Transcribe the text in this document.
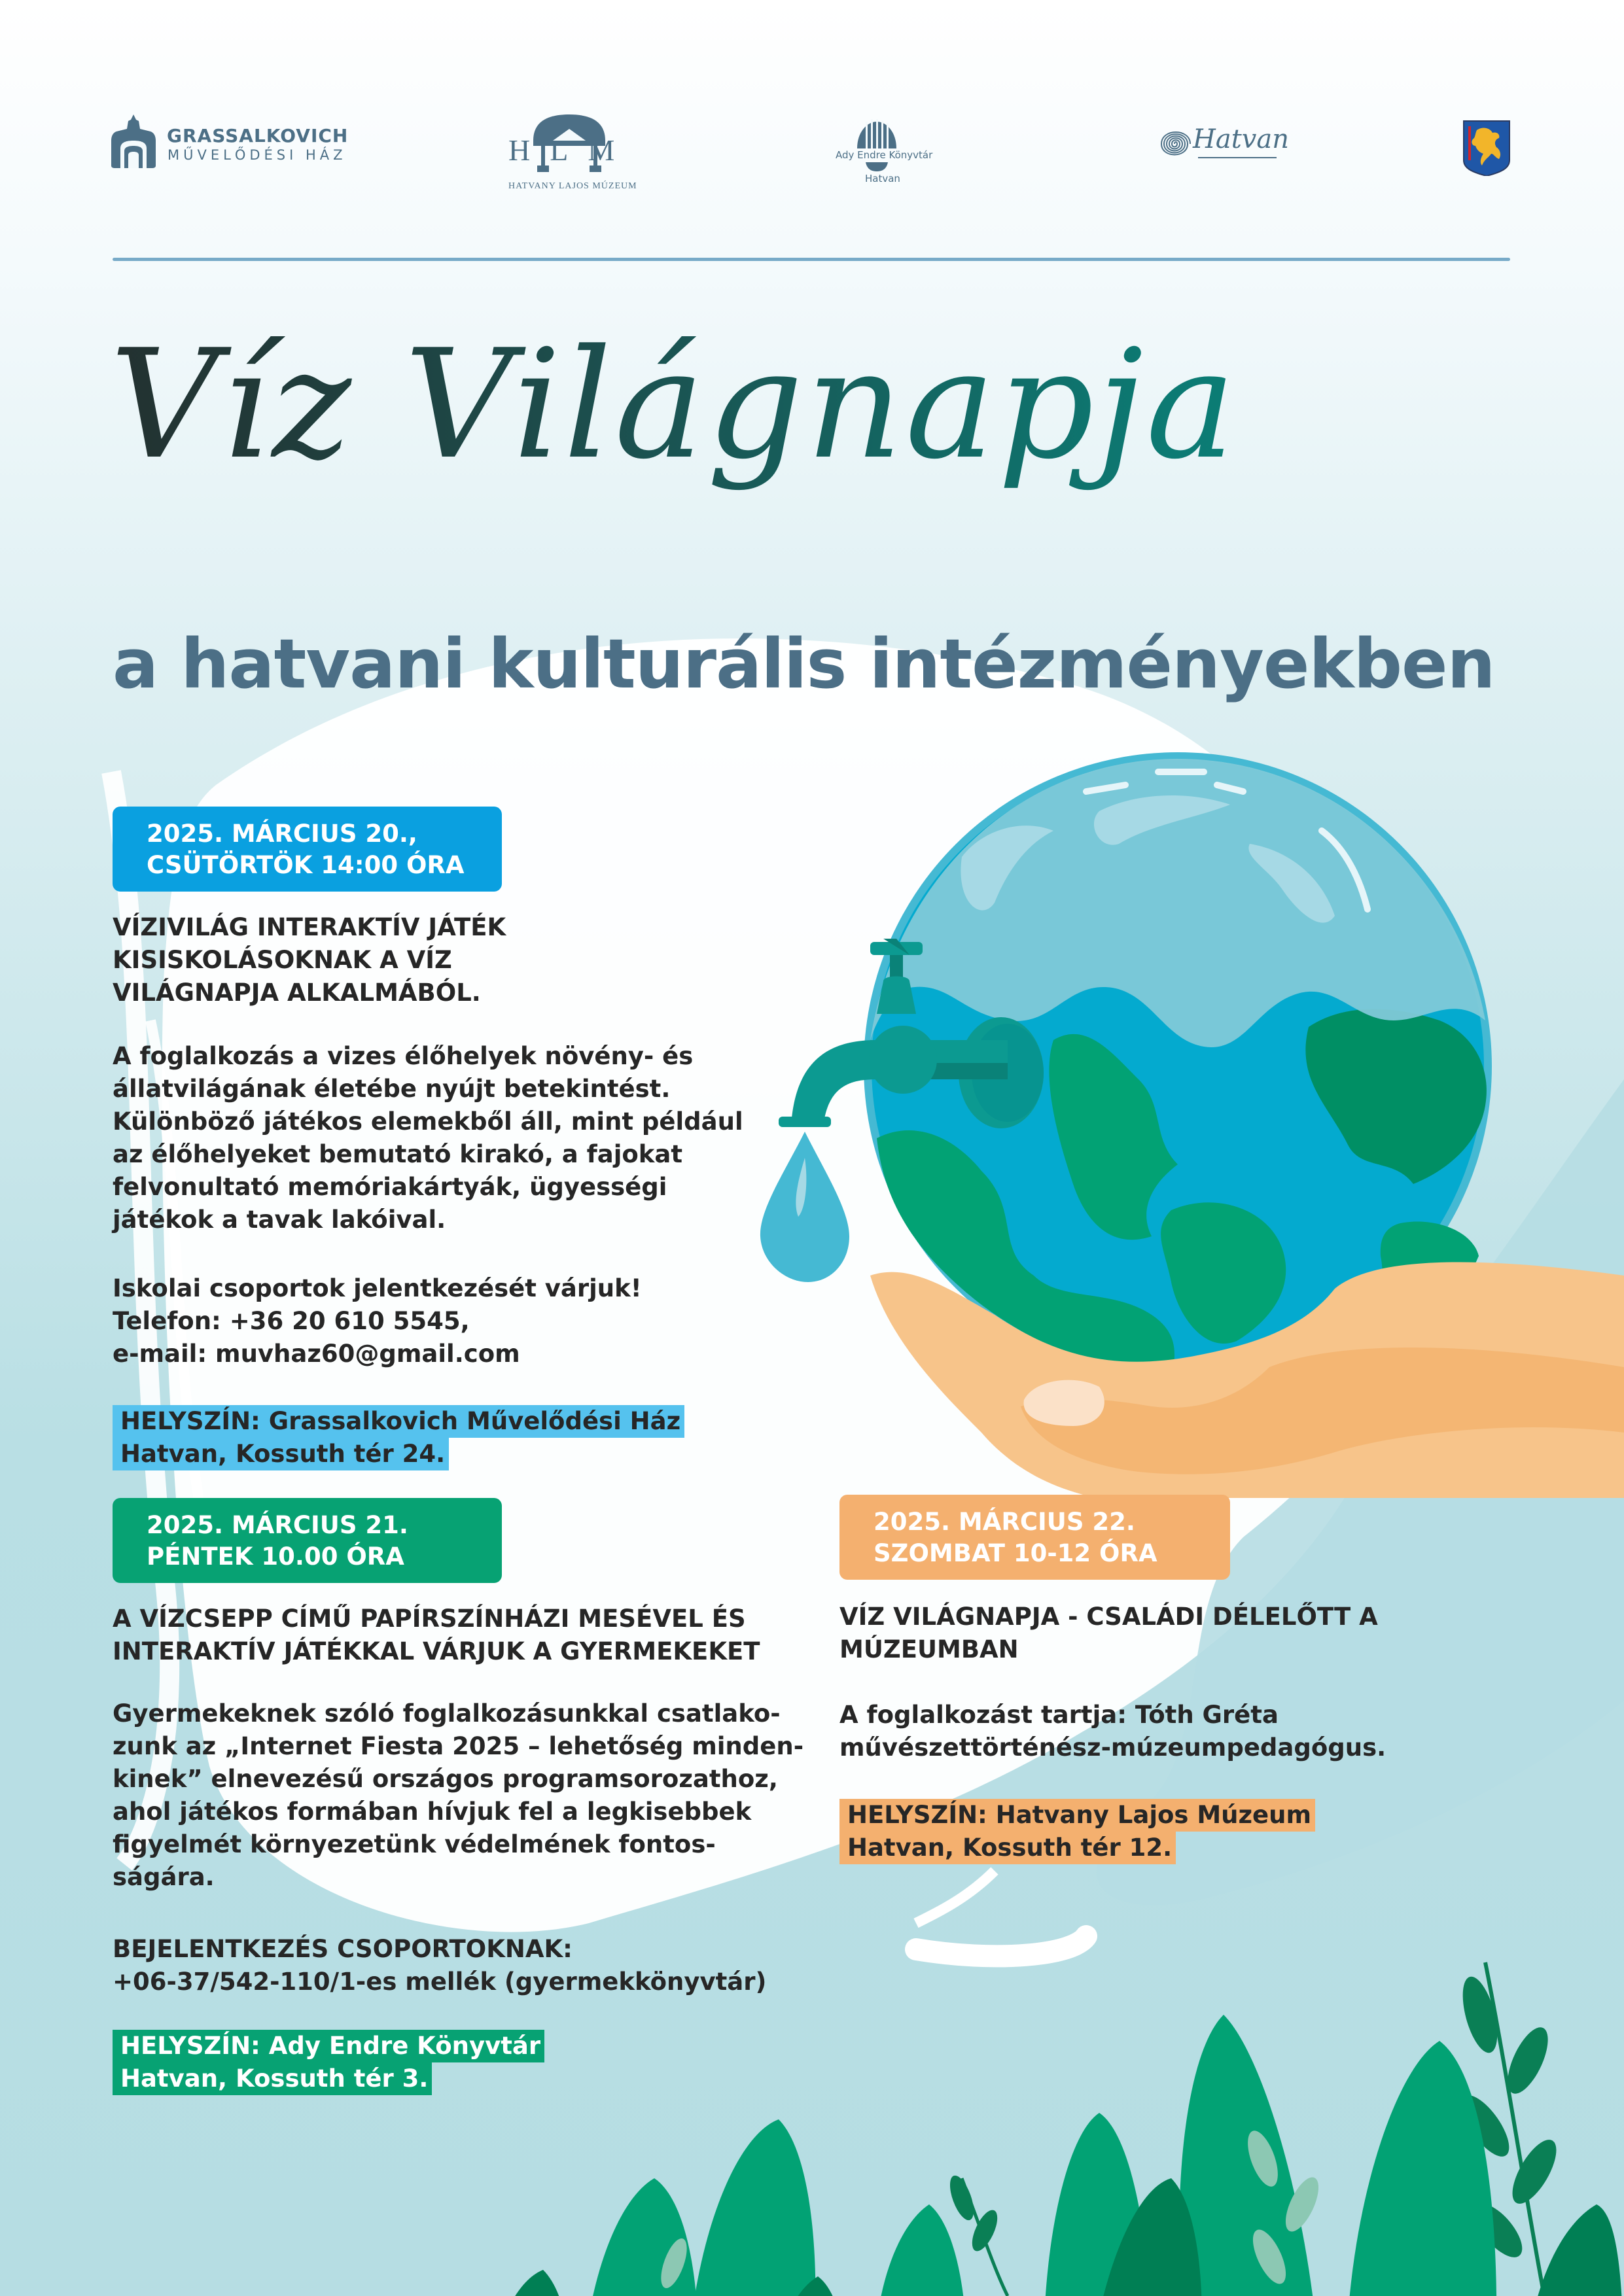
GRASSALKOVICH
MŰVELŐDÉSI HÁZ	HLM
HATVANY LAJOS MÚZEUM
Ady Endre Könyvtár
Hatvan
Hatvan
Víz Világnapja
a hatvani kulturális intézményekben
2025. MÁRCIUS 20.,
CSÜTÖRTÖK 14:00 ÓRA
VÍZIVILÁG INTERAKTÍV JÁTÉK
KISISKOLÁSOKNAK A VÍZ
VILÁGNAPJA ALKALMÁBÓL.

A foglalkozás a vizes élőhelyek növény- és

állatvilágának életébe nyújt betekintést.

Különböző játékos elemekből áll, mint például

az élőhelyeket bemutató kirakó, a fajokat

felvonultató memóriakártyák, ügyességi

játékok a tavak lakóival.

Iskolai csoportok jelentkezését várjuk!

Telefon: +36 20 610 5545,

e-mail: muvhaz60@gmail.com

HELYSZÍN: Grassalkovich Művelődési Ház
Hatvan, Kossuth tér 24.
2025. MÁRCIUS 21.
PÉNTEK 10.00 ÓRA
A VÍZCSEPP CÍMŰ PAPÍRSZÍNHÁZI MESÉVEL ÉS
INTERAKTÍV JÁTÉKKAL VÁRJUK A GYERMEKEKET

Gyermekeknek szóló foglalkozásunkkal csatlako-

zunk az „Internet Fiesta 2025 – lehetőség minden-

kinek” elnevezésű országos programsorozathoz,

ahol játékos formában hívjuk fel a legkisebbek

figyelmét környezetünk védelmének fontos-

ságára.

BEJELENTKEZÉS CSOPORTOKNAK:

+06-37/542-110/1-es mellék (gyermekkönyvtár)

HELYSZÍN: Ady Endre Könyvtár
Hatvan, Kossuth tér 3.
2025. MÁRCIUS 22.
SZOMBAT 10-12 ÓRA
VÍZ VILÁGNAPJA - CSALÁDI DÉLELŐTT A
MÚZEUMBAN

A foglalkozást tartja: Tóth Gréta

művészettörténész-múzeumpedagógus.

HELYSZÍN: Hatvany Lajos Múzeum
Hatvan, Kossuth tér 12.
